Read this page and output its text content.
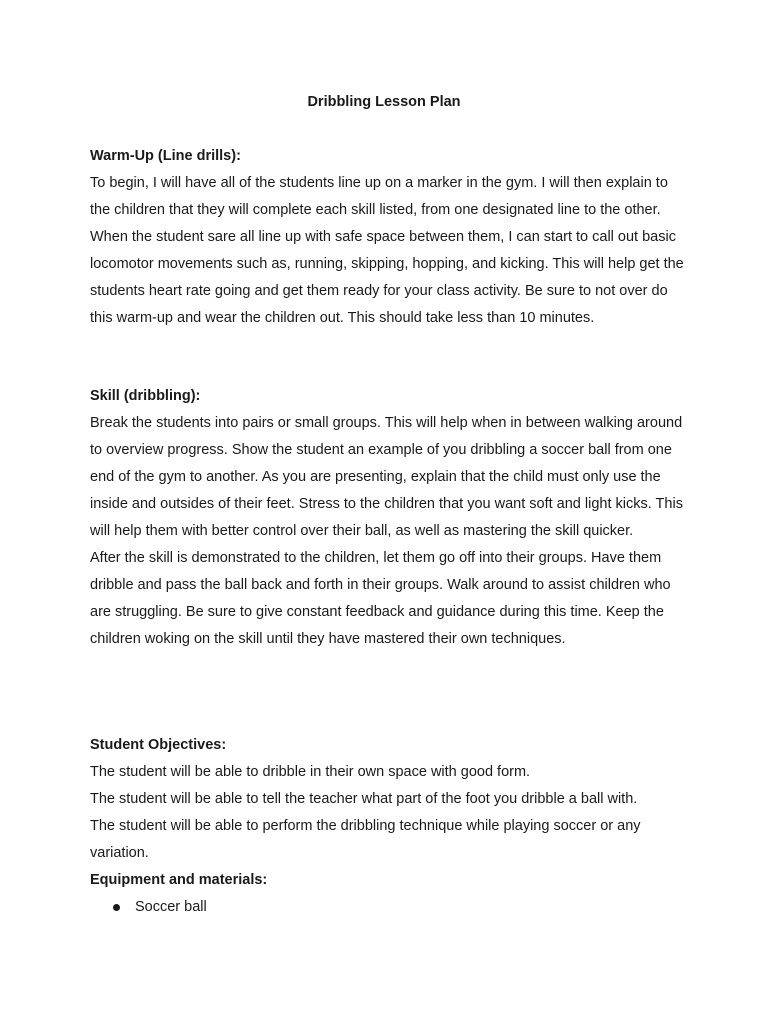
Dribbling Lesson Plan

Warm-Up (Line drills):

To begin, I will have all of the students line up on a marker in the gym. I will then explain to the children that they will complete each skill listed, from one designated line to the other. When the student sare all line up with safe space between them, I can start to call out basic locomotor movements such as, running, skipping, hopping, and kicking. This will help get the students heart rate going and get them ready for your class activity. Be sure to not over do this warm-up and wear the children out. This should take less than 10 minutes.

Skill (dribbling):

Break the students into pairs or small groups. This will help when in between walking around to overview progress. Show the student an example of you dribbling a soccer ball from one end of the gym to another. As you are presenting, explain that the child must only use the inside and outsides of their feet. Stress to the children that you want soft and light kicks. This will help them with better control over their ball, as well as mastering the skill quicker.

After the skill is demonstrated to the children, let them go off into their groups. Have them dribble and pass the ball back and forth in their groups. Walk around to assist children who are struggling. Be sure to give constant feedback and guidance during this time. Keep the children woking on the skill until they have mastered their own techniques.

Student Objectives:

The student will be able to dribble in their own space with good form.

The student will be able to tell the teacher what part of the foot you dribble a ball with.

The student will be able to perform the dribbling technique while playing soccer or any variation.

Equipment and materials:

Soccer ball
